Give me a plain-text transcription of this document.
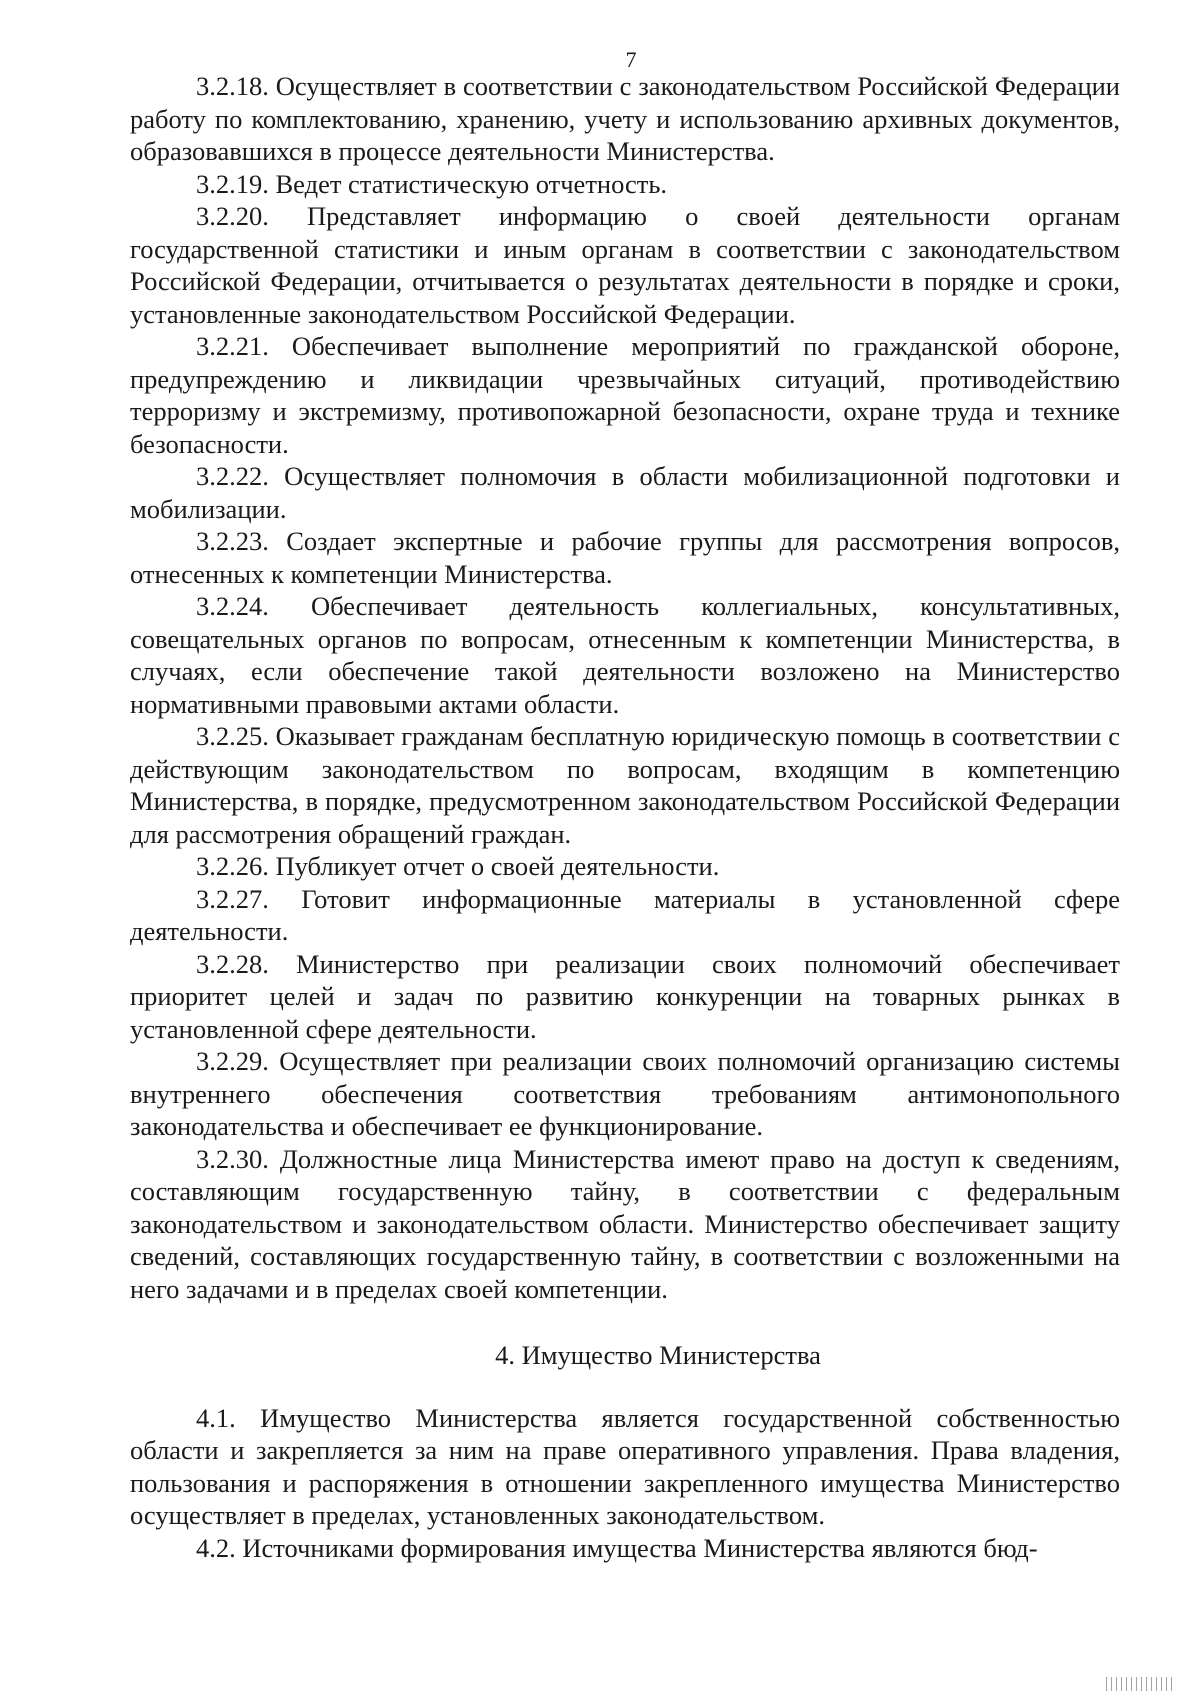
7

3.2.18. Осуществляет в соответствии с законодательством Российской Федерации работу по комплектованию, хранению, учету и использованию архивных документов, образовавшихся в процессе деятельности Министерства.

3.2.19. Ведет статистическую отчетность.

3.2.20. Представляет информацию о своей деятельности органам государственной статистики и иным органам в соответствии с законодательством Российской Федерации, отчитывается о результатах деятельности в порядке и сроки, установленные законодательством Российской Федерации.

3.2.21. Обеспечивает выполнение мероприятий по гражданской обороне, предупреждению и ликвидации чрезвычайных ситуаций, противодействию терроризму и экстремизму, противопожарной безопасности, охране труда и технике безопасности.

3.2.22. Осуществляет полномочия в области мобилизационной подготовки и мобилизации.

3.2.23. Создает экспертные и рабочие группы для рассмотрения вопросов, отнесенных к компетенции Министерства.

3.2.24. Обеспечивает деятельность коллегиальных, консультативных, совещательных органов по вопросам, отнесенным к компетенции Министерства, в случаях, если обеспечение такой деятельности возложено на Министерство нормативными правовыми актами области.

3.2.25. Оказывает гражданам бесплатную юридическую помощь в соответствии с действующим законодательством по вопросам, входящим в компетенцию Министерства, в порядке, предусмотренном законодательством Российской Федерации для рассмотрения обращений граждан.

3.2.26. Публикует отчет о своей деятельности.

3.2.27. Готовит информационные материалы в установленной сфере деятельности.

3.2.28. Министерство при реализации своих полномочий обеспечивает приоритет целей и задач по развитию конкуренции на товарных рынках в установленной сфере деятельности.

3.2.29. Осуществляет при реализации своих полномочий организацию системы внутреннего обеспечения соответствия требованиям антимонопольного законодательства и обеспечивает ее функционирование.

3.2.30. Должностные лица Министерства имеют право на доступ к сведениям, составляющим государственную тайну, в соответствии с федеральным законодательством и законодательством области. Министерство обеспечивает защиту сведений, составляющих государственную тайну, в соответствии с возложенными на него задачами и в пределах своей компетенции.

4. Имущество Министерства

4.1. Имущество Министерства является государственной собственностью области и закрепляется за ним на праве оперативного управления. Права владения, пользования и распоряжения в отношении закрепленного имущества Министерство осуществляет в пределах, установленных законодательством.

4.2. Источниками формирования имущества Министерства являются бюд-
